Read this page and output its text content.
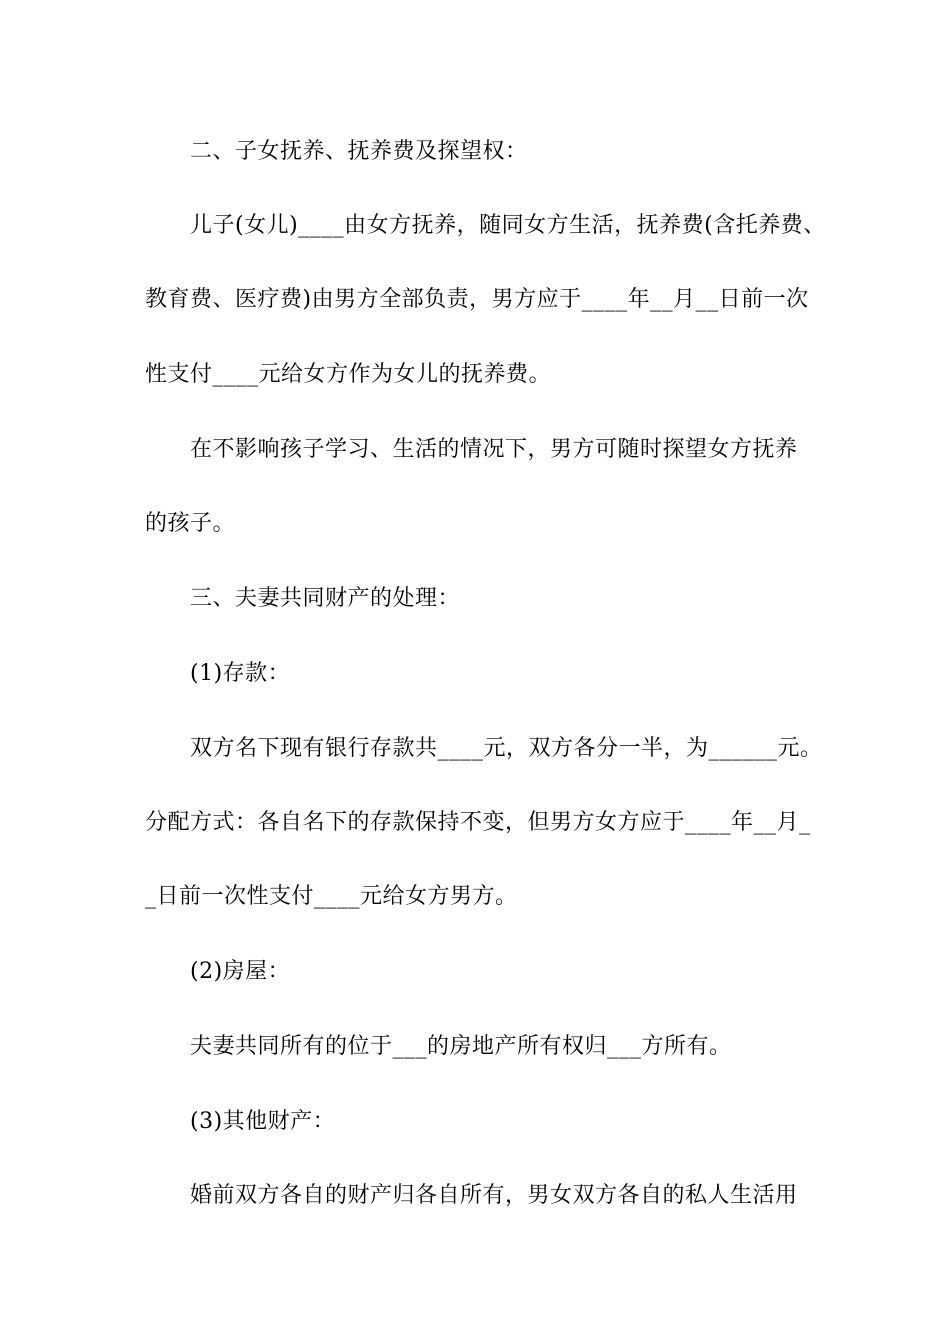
二、子女抚养、抚养费及探望权：
儿子(女儿)____由女方抚养，随同女方生活，抚养费(含托养费、
教育费、医疗费)由男方全部负责，男方应于____年__月__日前一次
性支付____元给女方作为女儿的抚养费。
在不影响孩子学习、生活的情况下，男方可随时探望女方抚养
的孩子。
三、夫妻共同财产的处理：
(1)存款：
双方名下现有银行存款共____元，双方各分一半，为______元。
分配方式：各自名下的存款保持不变，但男方女方应于____年__月_
_日前一次性支付____元给女方男方。
(2)房屋：
夫妻共同所有的位于___的房地产所有权归___方所有。
(3)其他财产：
婚前双方各自的财产归各自所有，男女双方各自的私人生活用
